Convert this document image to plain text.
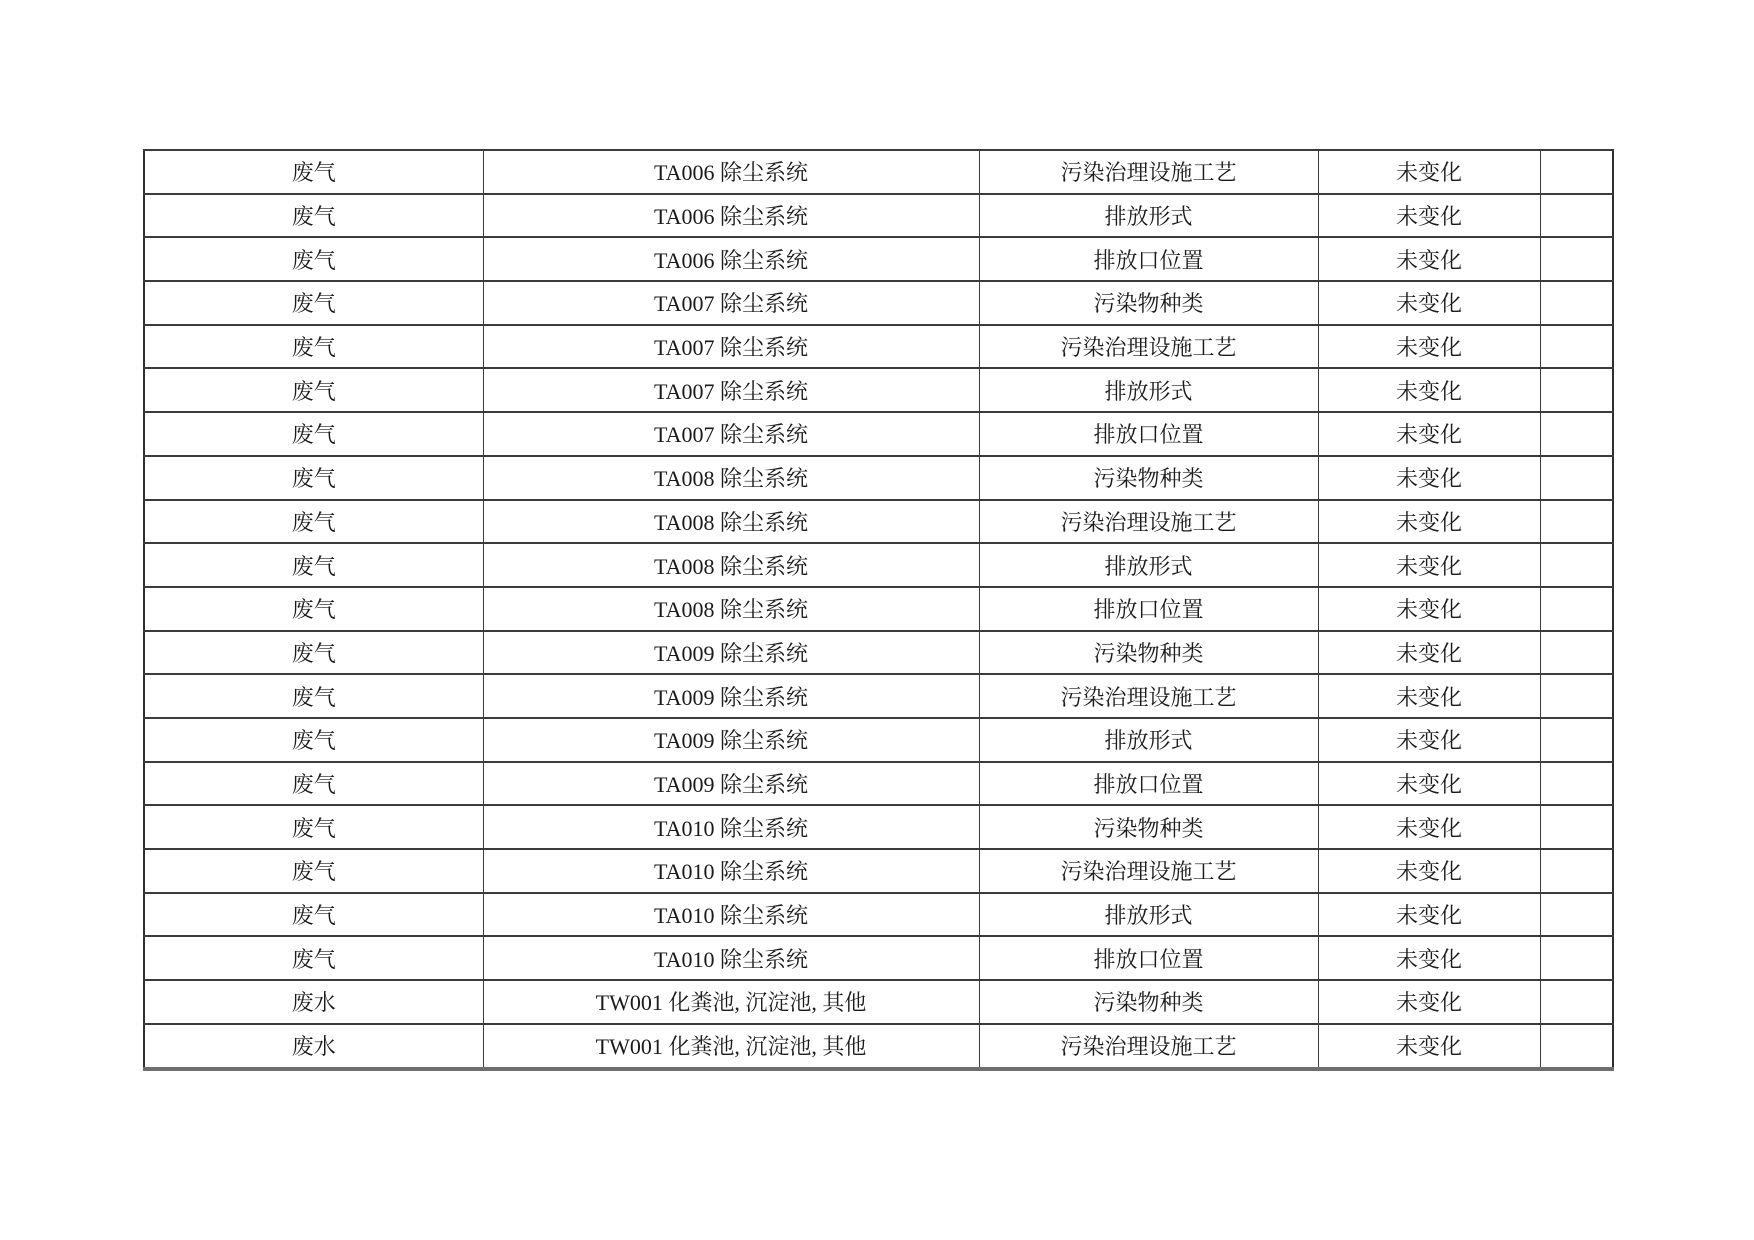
废气	TA006 除尘系统	污染治理设施工艺	未变化	
废气	TA006 除尘系统	排放形式	未变化	
废气	TA006 除尘系统	排放口位置	未变化	
废气	TA007 除尘系统	污染物种类	未变化	
废气	TA007 除尘系统	污染治理设施工艺	未变化	
废气	TA007 除尘系统	排放形式	未变化	
废气	TA007 除尘系统	排放口位置	未变化	
废气	TA008 除尘系统	污染物种类	未变化	
废气	TA008 除尘系统	污染治理设施工艺	未变化	
废气	TA008 除尘系统	排放形式	未变化	
废气	TA008 除尘系统	排放口位置	未变化	
废气	TA009 除尘系统	污染物种类	未变化	
废气	TA009 除尘系统	污染治理设施工艺	未变化	
废气	TA009 除尘系统	排放形式	未变化	
废气	TA009 除尘系统	排放口位置	未变化	
废气	TA010 除尘系统	污染物种类	未变化	
废气	TA010 除尘系统	污染治理设施工艺	未变化	
废气	TA010 除尘系统	排放形式	未变化	
废气	TA010 除尘系统	排放口位置	未变化	
废水	TW001 化粪池, 沉淀池, 其他	污染物种类	未变化	
废水	TW001 化粪池, 沉淀池, 其他	污染治理设施工艺	未变化	
